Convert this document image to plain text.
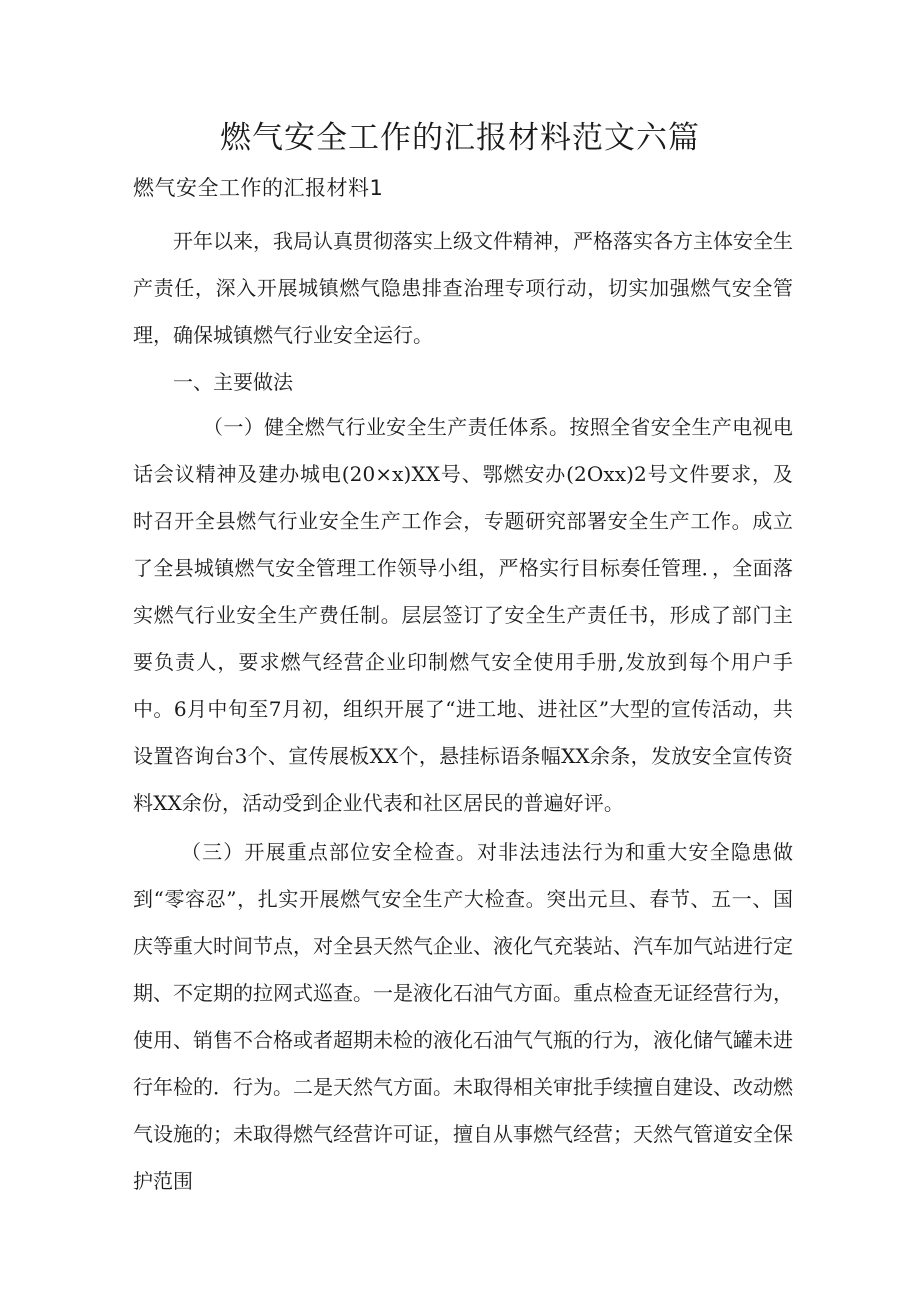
燃气安全工作的汇报材料范文六篇
燃气安全工作的汇报材料1

开年以来，我局认真贯彻落实上级文件精神，严格落实各方主体安全生产责任，深入开展城镇燃气隐患排查治理专项行动，切实加强燃气安全管理，确保城镇燃气行业安全运行。

一、主要做法

（一）健全燃气行业安全生产责任体系。按照全省安全生产电视电话会议精神及建办城电(20×x)XX号、鄂燃安办(2Oxx)2号文件要求，及时召开全县燃气行业安全生产工作会，专题研究部署安全生产工作。成立了全县城镇燃气安全管理工作领导小组，严格实行目标奏任管理．，全面落实燃气行业安全生产费任制。层层签订了安全生产责任书，形成了部门主要负责人，要求燃气经营企业印制燃气安全使用手册,发放到每个用户手中。6月中旬至7月初，组织开展了“进工地、进社区”大型的宣传活动，共设置咨询台3个、宣传展板XX个，悬挂标语条幅XX余条，发放安全宣传资料XX余份，活动受到企业代表和社区居民的普遍好评。

（三）开展重点部位安全检查。对非法违法行为和重大安全隐患做到“零容忍”，扎实开展燃气安全生产大检查。突出元旦、春节、五一、国庆等重大时间节点，对全县天然气企业、液化气充装站、汽车加气站进行定期、不定期的拉网式巡查。一是液化石油气方面。重点检查无证经营行为，使用、销售不合格或者超期未检的液化石油气气瓶的行为，液化储气罐未进行年检的．行为。二是天然气方面。未取得相关审批手续擅自建设、改动燃气设施的；未取得燃气经营许可证，擅自从事燃气经营；天然气管道安全保护范围
